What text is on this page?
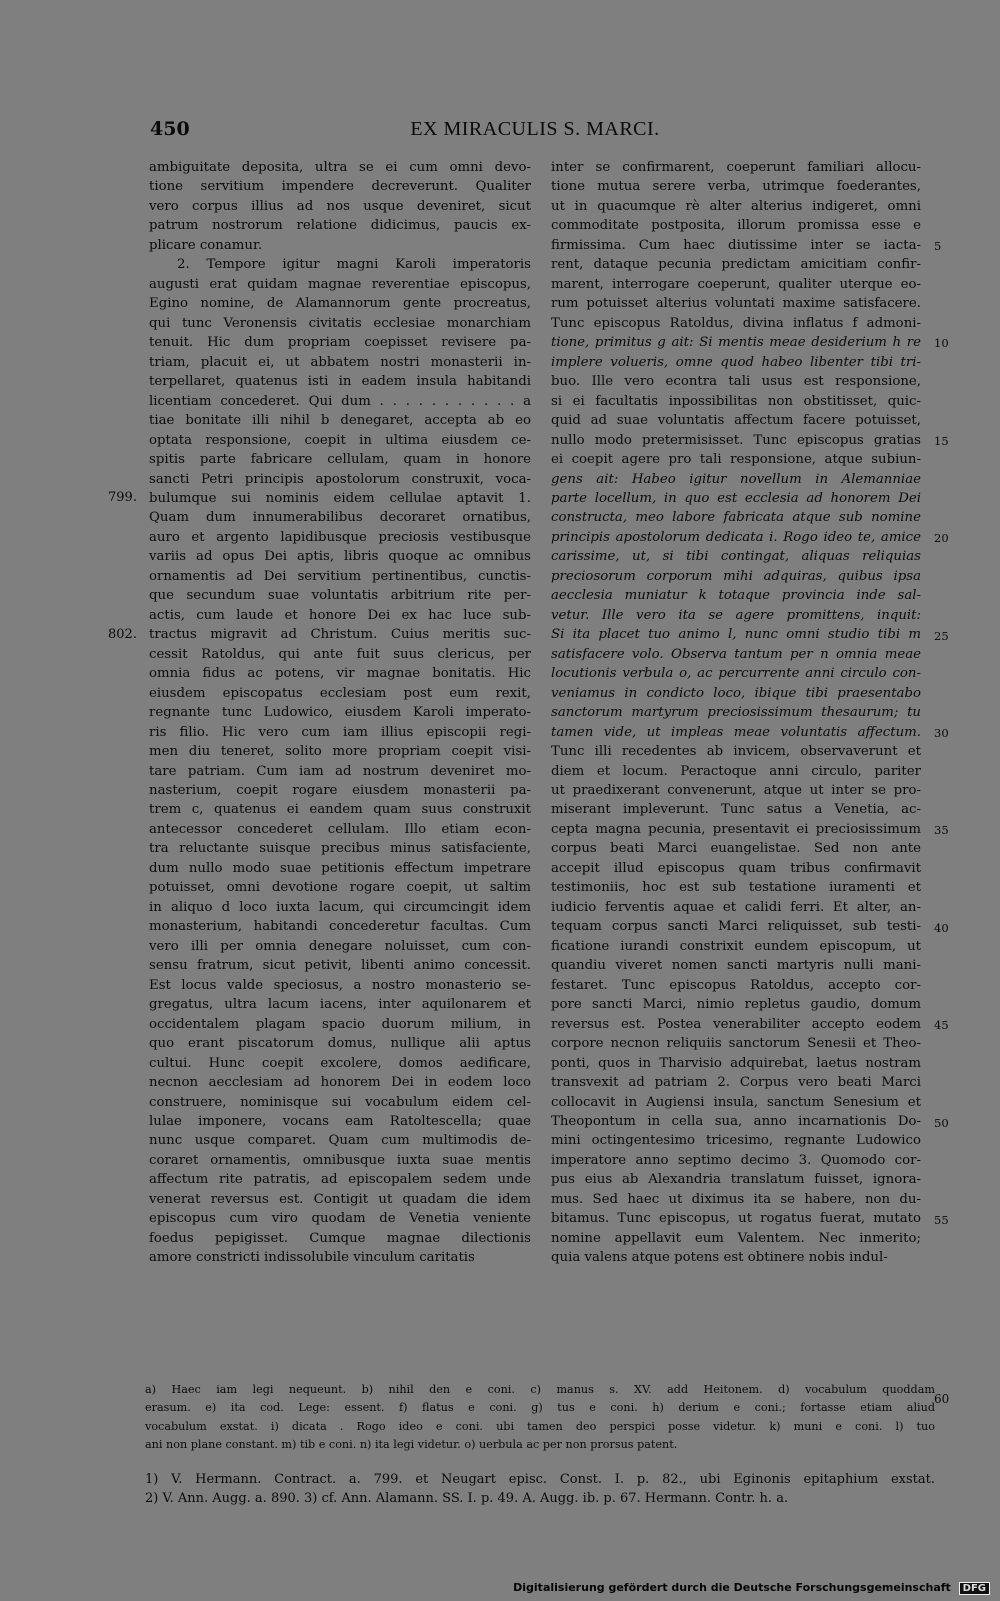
450	EX MIRACULIS S. MARCI.
ambiguitate deposita, ultra se ei cum omni devo-
tione servitium impendere decreverunt. Qualiter
vero corpus illius ad nos usque deveniret, sicut
patrum nostrorum relatione didicimus, paucis ex-
plicare conamur.
2. Tempore igitur magni Karoli imperatoris
augusti erat quidam magnae reverentiae episcopus,
Egino nomine, de Alamannorum gente procreatus,
qui tunc Veronensis civitatis ecclesiae monarchiam
tenuit. Hic dum propriam coepisset revisere pa-
triam, placuit ei, ut abbatem nostri monasterii in-
terpellaret, quatenus isti in eadem insula habitandi
licentiam concederet. Qui dum . . . . . . . . . . . a
tiae bonitate illi nihil b denegaret, accepta ab eo
optata responsione, coepit in ultima eiusdem ce-
spitis parte fabricare cellulam, quam in honore
sancti Petri principis apostolorum construxit, voca-
bulumque sui nominis eidem cellulae aptavit 1.
Quam dum innumerabilibus decoraret ornatibus,
auro et argento lapidibusque preciosis vestibusque
variis ad opus Dei aptis, libris quoque ac omnibus
ornamentis ad Dei servitium pertinentibus, cunctis-
que secundum suae voluntatis arbitrium rite per-
actis, cum laude et honore Dei ex hac luce sub-
tractus migravit ad Christum. Cuius meritis suc-
cessit Ratoldus, qui ante fuit suus clericus, per
omnia fidus ac potens, vir magnae bonitatis. Hic
eiusdem episcopatus ecclesiam post eum rexit,
regnante tunc Ludowico, eiusdem Karoli imperato-
ris filio. Hic vero cum iam illius episcopii regi-
men diu teneret, solito more propriam coepit visi-
tare patriam. Cum iam ad nostrum deveniret mo-
nasterium, coepit rogare eiusdem monasterii pa-
trem c, quatenus ei eandem quam suus construxit
antecessor concederet cellulam. Illo etiam econ-
tra reluctante suisque precibus minus satisfaciente,
dum nullo modo suae petitionis effectum impetrare
potuisset, omni devotione rogare coepit, ut saltim
in aliquo d loco iuxta lacum, qui circumcingit idem
monasterium, habitandi concederetur facultas. Cum
vero illi per omnia denegare noluisset, cum con-
sensu fratrum, sicut petivit, libenti animo concessit.
Est locus valde speciosus, a nostro monasterio se-
gregatus, ultra lacum iacens, inter aquilonarem et
occidentalem plagam spacio duorum milium, in
quo erant piscatorum domus, nullique alii aptus
cultui. Hunc coepit excolere, domos aedificare,
necnon aecclesiam ad honorem Dei in eodem loco
construere, nominisque sui vocabulum eidem cel-
lulae imponere, vocans eam Ratoltescella; quae
nunc usque comparet. Quam cum multimodis de-
coraret ornamentis, omnibusque iuxta suae mentis
affectum rite patratis, ad episcopalem sedem unde
venerat reversus est. Contigit ut quadam die idem
episcopus cum viro quodam de Venetia veniente
foedus pepigisset. Cumque magnae dilectionis
amore constricti indissolubile vinculum caritatis
inter se confirmarent, coeperunt familiari allocu-
tione mutua serere verba, utrimque foederantes,
ut in quacumque rè alter alterius indigeret, omni
commoditate postposita, illorum promissa esse e
firmissima. Cum haec diutissime inter se iacta-
rent, dataque pecunia predictam amicitiam confir-
marent, interrogare coeperunt, qualiter uterque eo-
rum potuisset alterius voluntati maxime satisfacere.
Tunc episcopus Ratoldus, divina inflatus f admoni-
tione, primitus g ait: Si mentis meae desiderium h re
implere volueris, omne quod habeo libenter tibi tri-
buo. Ille vero econtra tali usus est responsione,
si ei facultatis inpossibilitas non obstitisset, quic-
quid ad suae voluntatis affectum facere potuisset,
nullo modo pretermisisset. Tunc episcopus gratias
ei coepit agere pro tali responsione, atque subiun-
gens ait: Habeo igitur novellum in Alemanniae
parte locellum, in quo est ecclesia ad honorem Dei
constructa, meo labore fabricata atque sub nomine
principis apostolorum dedicata i. Rogo ideo te, amice
carissime, ut, si tibi contingat, aliquas reliquias
preciosorum corporum mihi adquiras, quibus ipsa
aecclesia muniatur k totaque provincia inde sal-
vetur. Ille vero ita se agere promittens, inquit:
Si ita placet tuo animo l, nunc omni studio tibi m
satisfacere volo. Observa tantum per n omnia meae
locutionis verbula o, ac percurrente anni circulo con-
veniamus in condicto loco, ibique tibi praesentabo
sanctorum martyrum preciosissimum thesaurum; tu
tamen vide, ut impleas meae voluntatis affectum.
Tunc illi recedentes ab invicem, observaverunt et
diem et locum. Peractoque anni circulo, pariter
ut praedixerant convenerunt, atque ut inter se pro-
miserant impleverunt. Tunc satus a Venetia, ac-
cepta magna pecunia, presentavit ei preciosissimum
corpus beati Marci euangelistae. Sed non ante
accepit illud episcopus quam tribus confirmavit
testimoniis, hoc est sub testatione iuramenti et
iudicio ferventis aquae et calidi ferri. Et alter, an-
tequam corpus sancti Marci reliquisset, sub testi-
ficatione iurandi constrixit eundem episcopum, ut
quandiu viveret nomen sancti martyris nulli mani-
festaret. Tunc episcopus Ratoldus, accepto cor-
pore sancti Marci, nimio repletus gaudio, domum
reversus est. Postea venerabiliter accepto eodem
corpore necnon reliquiis sanctorum Senesii et Theo-
ponti, quos in Tharvisio adquirebat, laetus nostram
transvexit ad patriam 2. Corpus vero beati Marci
collocavit in Augiensi insula, sanctum Senesium et
Theopontum in cella sua, anno incarnationis Do-
mini octingentesimo tricesimo, regnante Ludowico
imperatore anno septimo decimo 3. Quomodo cor-
pus eius ab Alexandria translatum fuisset, ignora-
mus. Sed haec ut diximus ita se habere, non du-
bitamus. Tunc episcopus, ut rogatus fuerat, mutato
nomine appellavit eum Valentem. Nec inmerito;
quia valens atque potens est obtinere nobis indul-
799.
802.
5
10
15
20
25
30
35
40
45
50
55
a) Haec iam legi nequeunt. b) nihil den e coni. c) manus s. XV. add Heitonem. d) vocabulum quoddam
erasum. e) ita cod. Lege: essent. f) flatus e coni. g) tus e coni. h) derium e coni.; fortasse etiam aliud
vocabulum exstat. i) dicata . Rogo ideo e coni. ubi tamen deo perspici posse videtur. k) muni e coni. l) tuo
ani non plane constant. m) tib e coni. n) ita legi videtur. o) uerbula ac per non prorsus patent.
60
1) V. Hermann. Contract. a. 799. et Neugart episc. Const. I. p. 82., ubi Eginonis epitaphium exstat.
2) V. Ann. Augg. a. 890. 3) cf. Ann. Alamann. SS. I. p. 49. A. Augg. ib. p. 67. Hermann. Contr. h. a.
Digitalisierung gefördert durch die Deutsche Forschungsgemeinschaft DFG
